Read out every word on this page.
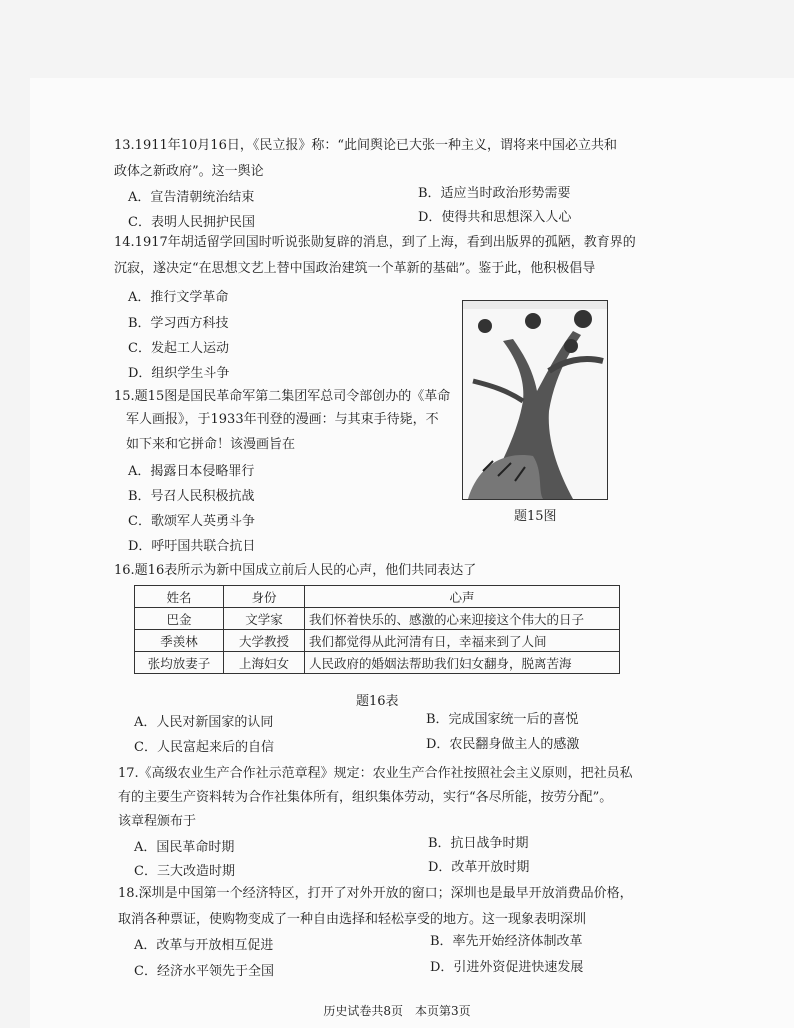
13.1911年10月16日，《民立报》称：“此间舆论已大张一种主义，谓将来中国必立共和
政体之新政府”。这一舆论
A．宣告清朝统治结束	B．适应当时政治形势需要
C．表明人民拥护民国	D．使得共和思想深入人心
14.1917年胡适留学回国时听说张勋复辟的消息，到了上海，看到出版界的孤陋，教育界的
沉寂，遂决定“在思想文艺上替中国政治建筑一个革新的基础”。鉴于此，他积极倡导
A．推行文学革命
B．学习西方科技
C．发起工人运动
D．组织学生斗争
15.题15图是国民革命军第二集团军总司令部创办的《革命
军人画报》，于1933年刊登的漫画：与其束手待毙，不
如下来和它拼命！该漫画旨在
A．揭露日本侵略罪行
B．号召人民积极抗战
C．歌颂军人英勇斗争
D．呼吁国共联合抗日
题15图
16.题16表所示为新中国成立前后人民的心声，他们共同表达了
姓名	身份	心声
巴金	文学家	我们怀着快乐的、感激的心来迎接这个伟大的日子
季羡林	大学教授	我们都觉得从此河清有日，幸福来到了人间
张均放妻子	上海妇女	人民政府的婚姻法帮助我们妇女翻身，脱离苦海
题16表
A．人民对新国家的认同	B．完成国家统一后的喜悦
C．人民富起来后的自信	D．农民翻身做主人的感激
17.《高级农业生产合作社示范章程》规定：农业生产合作社按照社会主义原则，把社员私
有的主要生产资料转为合作社集体所有，组织集体劳动，实行“各尽所能，按劳分配”。
该章程颁布于
A．国民革命时期	B．抗日战争时期
C．三大改造时期	D．改革开放时期
18.深圳是中国第一个经济特区，打开了对外开放的窗口；深圳也是最早开放消费品价格，
取消各种票证，使购物变成了一种自由选择和轻松享受的地方。这一现象表明深圳
A．改革与开放相互促进	B．率先开始经济体制改革
C．经济水平领先于全国	D．引进外资促进快速发展
历史试卷共8页　本页第3页
